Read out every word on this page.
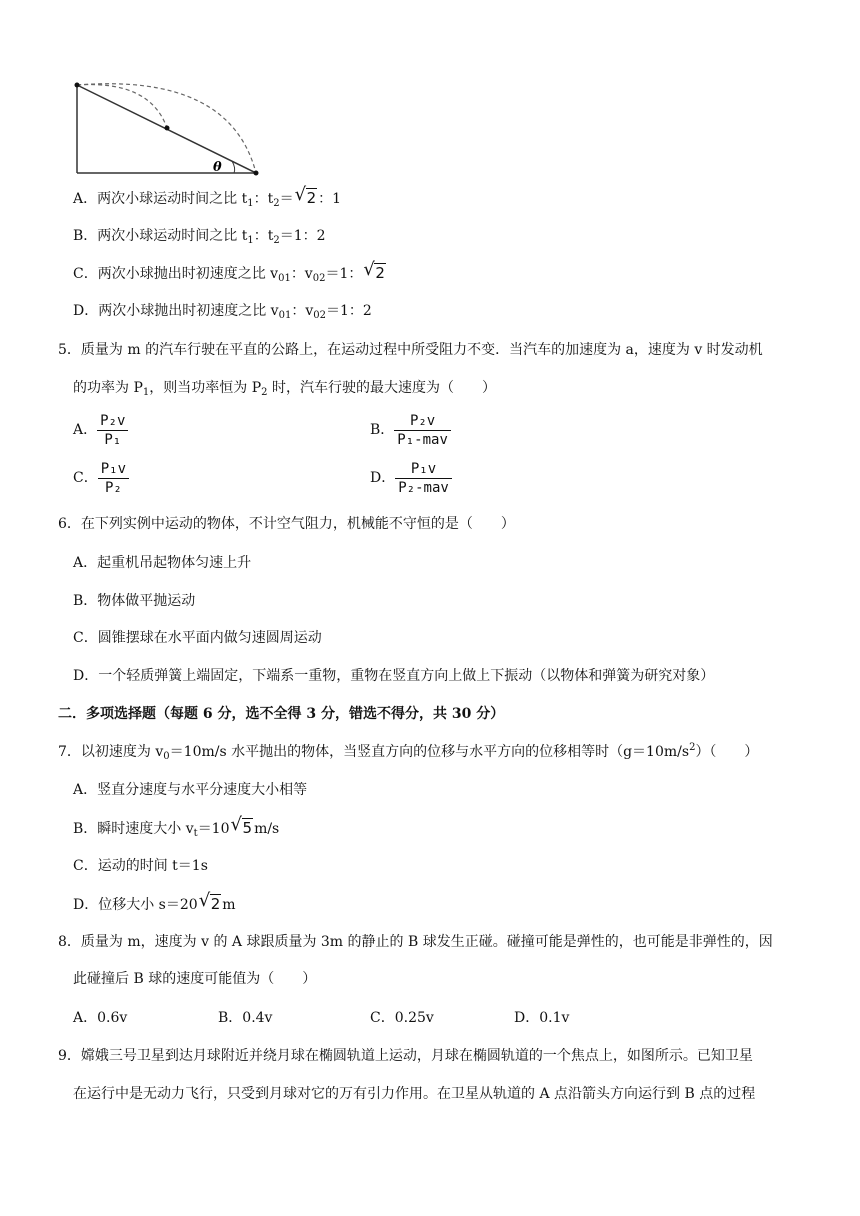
θ
A．两次小球运动时间之比 $t_1$：$t_2=$ √ 2 ：1
B．两次小球运动时间之比 $t_1$：$t_2=1$：2
C．两次小球抛出时初速度之比 $v_{01}$：$v_{02}=1$： √ 2
D．两次小球抛出时初速度之比 $v_{01}$：$v_{02}=1$：2
5．质量为 m 的汽车行驶在平直的公路上，在运动过程中所受阻力不变．当汽车的加速度为 a，速度为 v 时发动机
的功率为 $P_1$，则当功率恒为 $P_2$ 时，汽车行驶的最大速度为（　　）
A． $\frac{\text{P₂v}}{\text{P₁}}$	B． $\frac{\text{P₂v}}{\text{P₁-mav}}$
C． $\frac{\text{P₁v}}{\text{P₂}}$	D． $\frac{\text{P₁v}}{\text{P₂-mav}}$
6．在下列实例中运动的物体，不计空气阻力，机械能不守恒的是（　　）
A．起重机吊起物体匀速上升
B．物体做平抛运动
C．圆锥摆球在水平面内做匀速圆周运动
D．一个轻质弹簧上端固定，下端系一重物，重物在竖直方向上做上下振动（以物体和弹簧为研究对象）
二．多项选择题（每题 6 分，选不全得 3 分，错选不得分，共 30 分）
7．以初速度为 $v_0=10m/s$ 水平抛出的物体，当竖直方向的位移与水平方向的位移相等时$(g=10m/s^2)$（　　）
A．竖直分速度与水平分速度大小相等
B．瞬时速度大小 $v_t=10$ √ 5 m/s
C．运动的时间 t＝1s
D．位移大小 s＝20 √ 2 m
8．质量为 m，速度为 v 的 A 球跟质量为 3m 的静止的 B 球发生正碰。碰撞可能是弹性的，也可能是非弹性的，因
此碰撞后 B 球的速度可能值为（　　）
A．0.6v	B．0.4v	C．0.25v	D．0.1v
9．嫦娥三号卫星到达月球附近并绕月球在椭圆轨道上运动，月球在椭圆轨道的一个焦点上，如图所示。已知卫星
在运行中是无动力飞行，只受到月球对它的万有引力作用。在卫星从轨道的 A 点沿箭头方向运行到 B 点的过程
